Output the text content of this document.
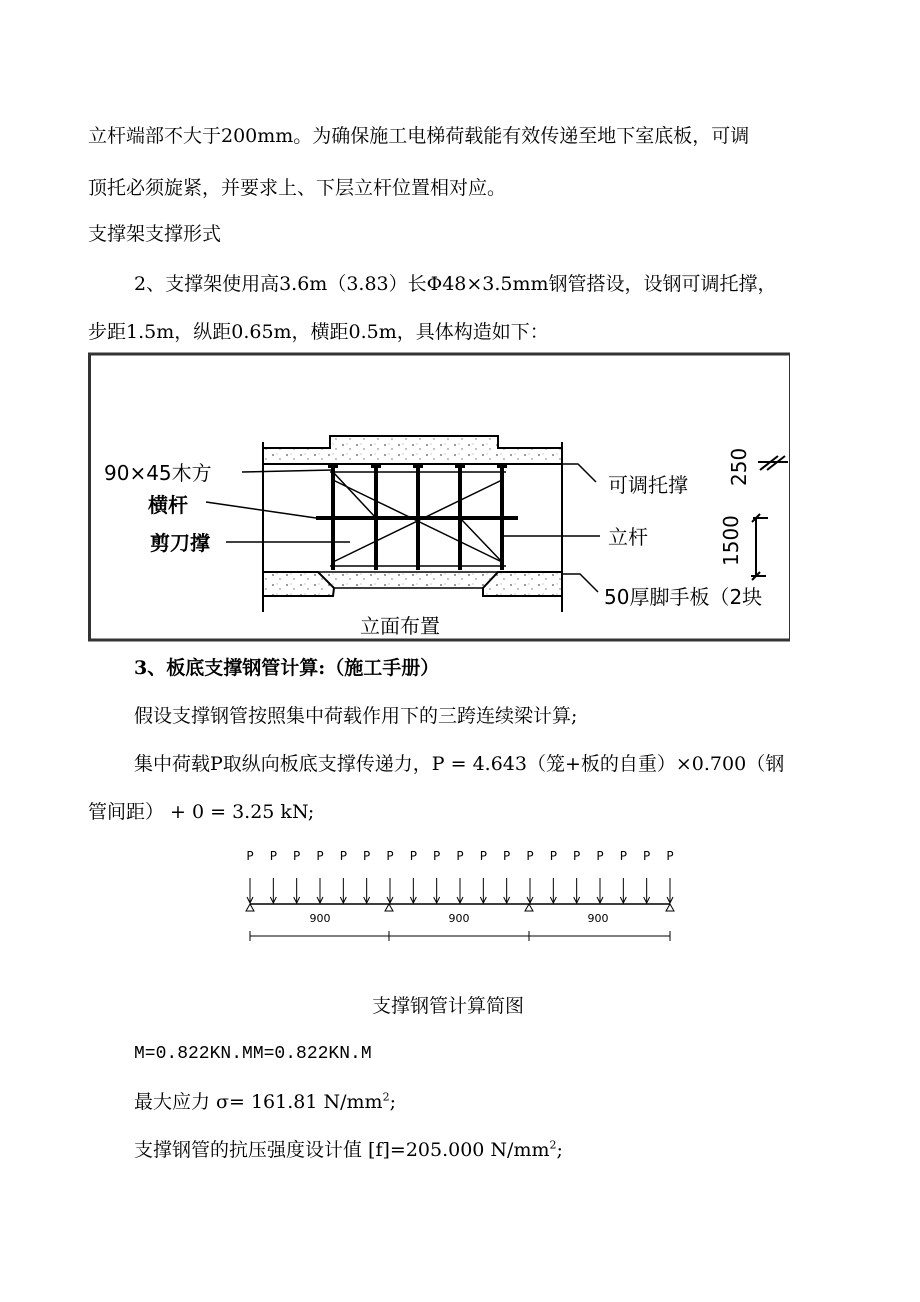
立杆端部不大于200mm。为确保施工电梯荷载能有效传递至地下室底板，可调
顶托必须旋紧，并要求上、下层立杆位置相对应。
支撑架支撑形式
2、支撑架使用高3.6m（3.83）长Φ48×3.5mm钢管搭设，设钢可调托撑，
步距1.5m，纵距0.65m，横距0.5m，具体构造如下：
90×45木方
横杆
剪刀撑
可调托撑
立杆
50厚脚手板（2块
立面布置
250
1500
3、板底支撑钢管计算:（施工手册）
假设支撑钢管按照集中荷载作用下的三跨连续梁计算;
集中荷载P取纵向板底支撑传递力，P = 4.643（笼+板的自重）×0.700（钢
管间距） + 0 = 3.25 kN;
P P P P P P P P P P P P P P P P P P P
900	900	900
支撑钢管计算简图
M=0.822KN.MM=0.822KN.M
最大应力 σ= 161.81 $N/mm^2$;
支撑钢管的抗压强度设计值 [f]=205.000 $N/mm^2$;
